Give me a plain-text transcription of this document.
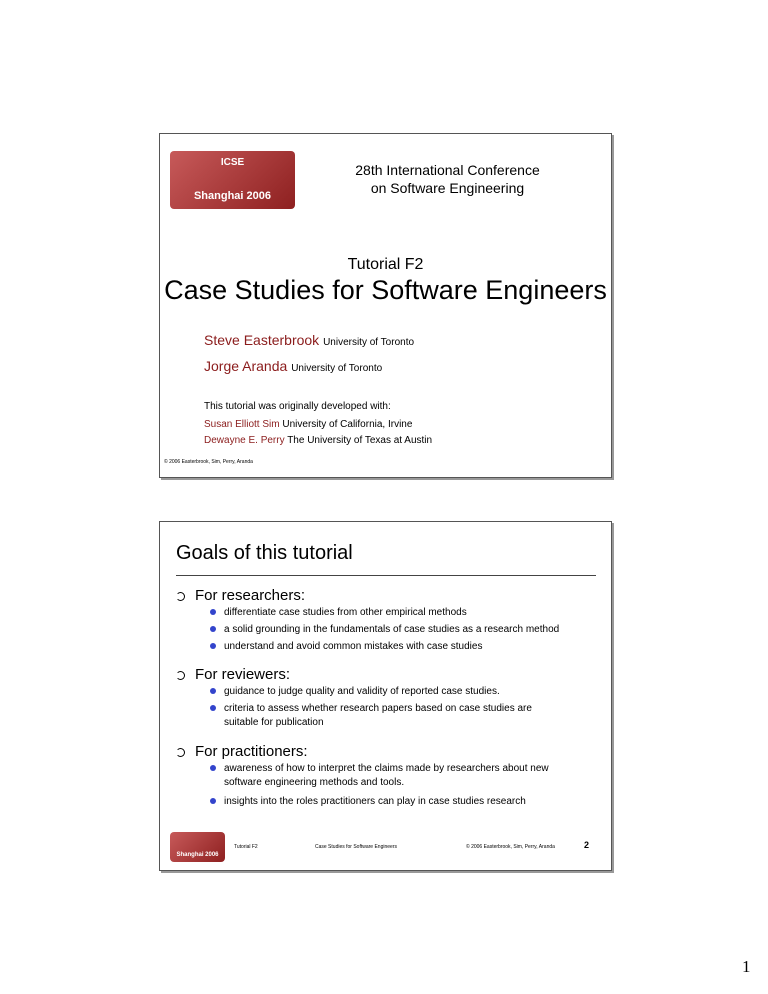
ICSE
Shanghai 2006
28th International Conference
on Software Engineering
Tutorial F2
Case Studies for Software Engineers
Steve Easterbrook University of Toronto
Jorge Aranda University of Toronto
This tutorial was originally developed with:
Susan Elliott Sim University of California, Irvine
Dewayne E. Perry The University of Texas at Austin
© 2006 Easterbrook, Sim, Perry, Aranda
Goals of this tutorial
For researchers:
differentiate case studies from other empirical methods
a solid grounding in the fundamentals of case studies as a research method
understand and avoid common mistakes with case studies
For reviewers:
guidance to judge quality and validity of reported case studies.
criteria to assess whether research papers based on case studies are
suitable for publication
For practitioners:
awareness of how to interpret the claims made by researchers about new
software engineering methods and tools.
insights into the roles practitioners can play in case studies research
Shanghai 2006
Tutorial F2	Case Studies for Software Engineers	© 2006 Easterbrook, Sim, Perry, Aranda	2
1
